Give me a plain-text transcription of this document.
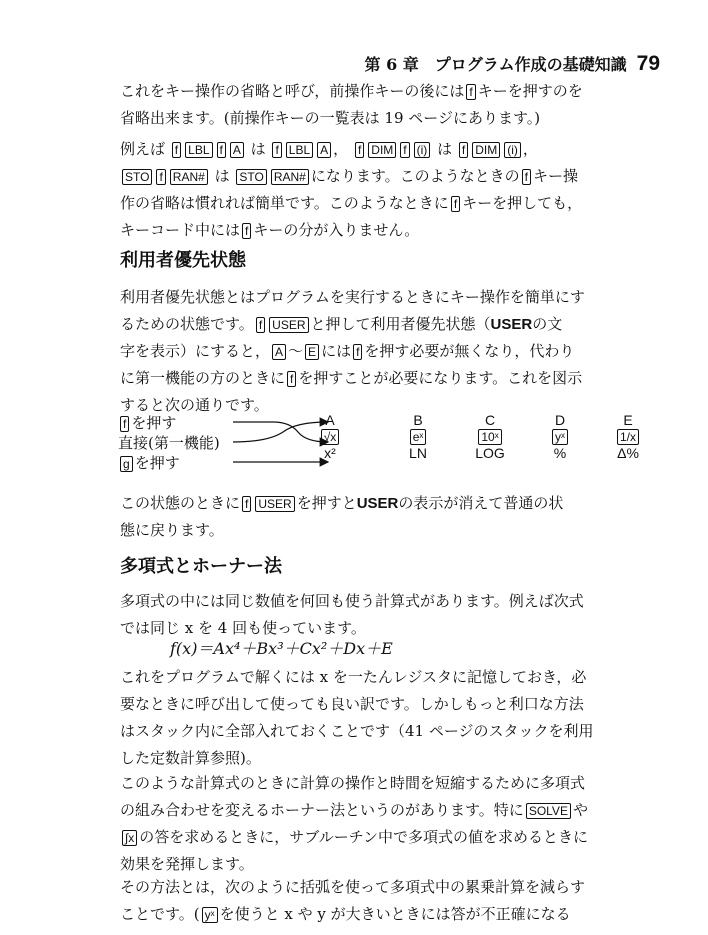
第 6 章　プログラム作成の基礎知識 79
これをキー操作の省略と呼び，前操作キーの後には f キーを押すのを
省略出来ます。(前操作キーの一覧表は 19 ページにあります。)
例えば f LBL f A は f LBL A ， f DIM f (i) は f DIM (i) ，
STO f RAN# は STO RAN# になります。このようなときの f キー操
作の省略は慣れれば簡単です。このようなときに f キーを押しても，
キーコード中には f キーの分が入りません。
利用者優先状態
利用者優先状態とはプログラムを実行するときにキー操作を簡単にす
るための状態です。 f USER と押して利用者優先状態（USERの文
字を表示）にすると， A ～ E には f を押す必要が無くなり，代わり
に第一機能の方のときに f を押すことが必要になります。これを図示
すると次の通りです。
f を押す
直接(第一機能)
g を押す
A
√x
x²
B
eˣ
LN
C
10ˣ
LOG
D
yˣ
%
E
1/x
Δ%
この状態のときに f USER を押すとUSERの表示が消えて普通の状
態に戻ります。
多項式とホーナー法
多項式の中には同じ数値を何回も使う計算式があります。例えば次式
では同じ x を 4 回も使っています。
f(x)＝Ax⁴＋Bx³＋Cx²＋Dx＋E
これをプログラムで解くには x を一たんレジスタに記憶しておき，必
要なときに呼び出して使っても良い訳です。しかしもっと利口な方法
はスタック内に全部入れておくことです（41 ページのスタックを利用
した定数計算参照)。
このような計算式のときに計算の操作と時間を短縮するために多項式
の組み合わせを変えるホーナー法というのがあります。特に SOLVE や
∫x の答を求めるときに，サブルーチン中で多項式の値を求めるときに
効果を発揮します。
その方法とは，次のように括弧を使って多項式中の累乗計算を減らす
ことです。( yˣ を使うと x や y が大きいときには答が不正確になる
